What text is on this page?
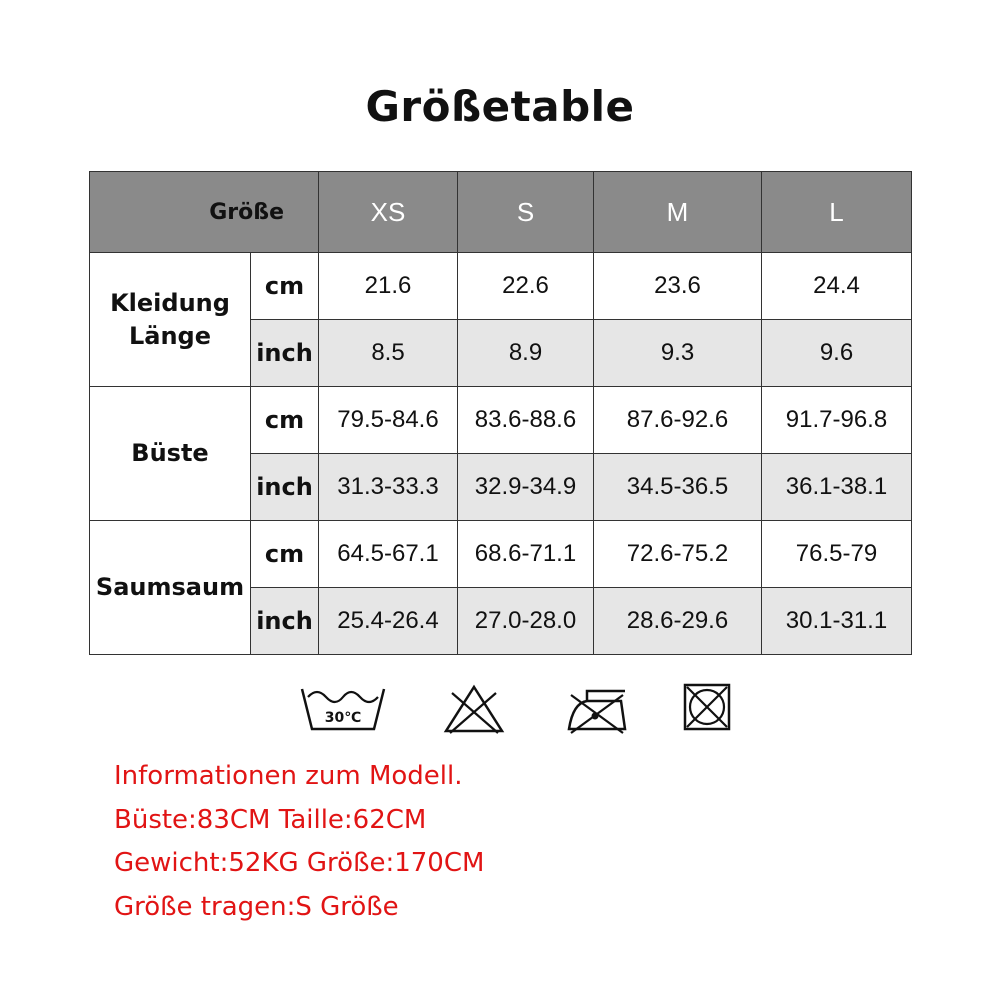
Größetable
Größe		XS	S	M	L
Kleidung
Länge	cm	21.6	22.6	23.6	24.4
	inch	8.5	8.9	9.3	9.6
Büste	cm	79.5-84.6	83.6-88.6	87.6-92.6	91.7-96.8
	inch	31.3-33.3	32.9-34.9	34.5-36.5	36.1-38.1
Saumsaum	cm	64.5-67.1	68.6-71.1	72.6-75.2	76.5-79
	inch	25.4-26.4	27.0-28.0	28.6-29.6	30.1-31.1
30℃
Informationen zum Modell.
Büste:83CM Taille:62CM
Gewicht:52KG Größe:170CM
Größe tragen:S Größe
